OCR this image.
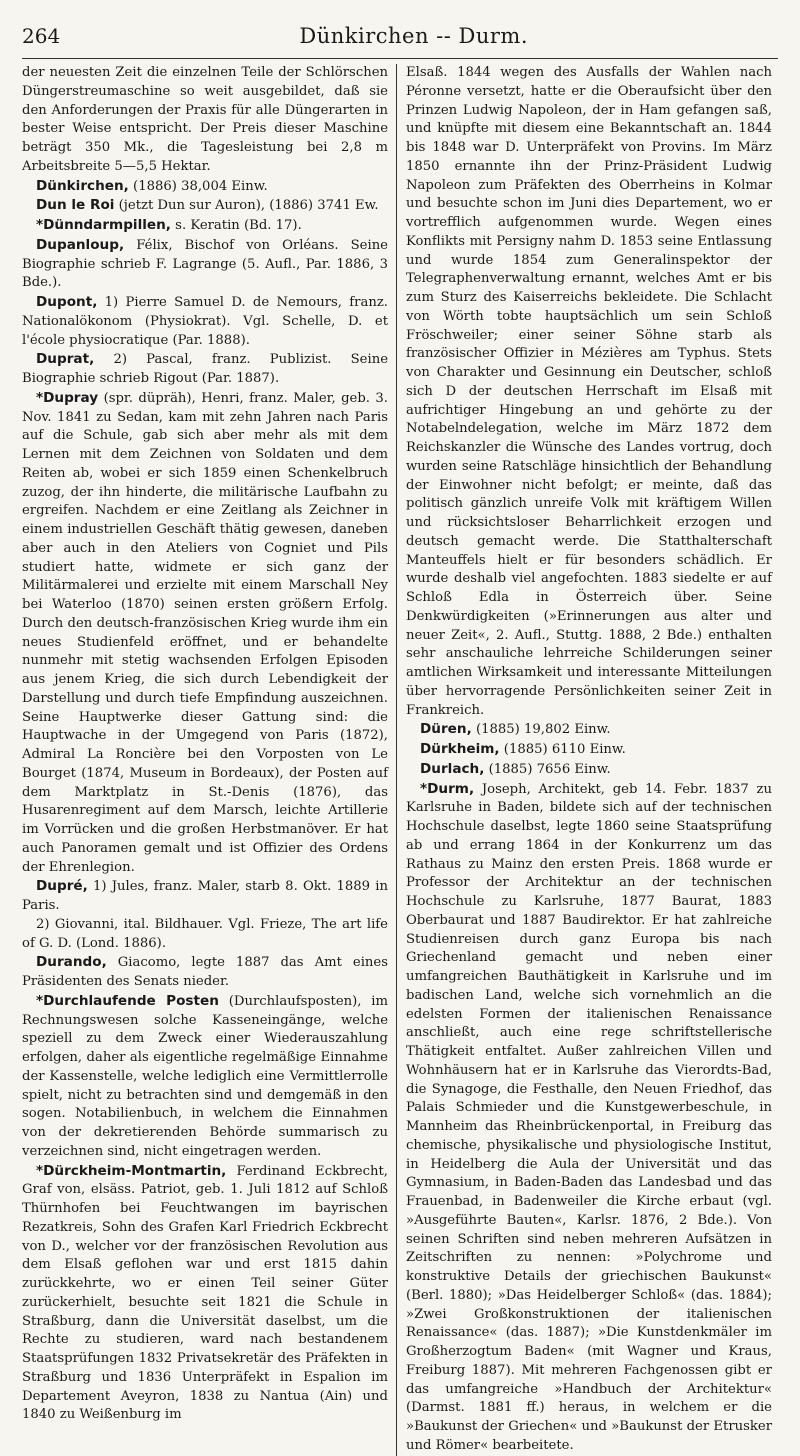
264	Dünkirchen -- Durm.

der neuesten Zeit die einzelnen Teile der Schlörschen Düngerstreumaschine so weit ausgebildet, daß sie den Anforderungen der Praxis für alle Düngerarten in bester Weise entspricht. Der Preis dieser Maschine beträgt 350 Mk., die Tagesleistung bei 2,8 m Arbeitsbreite 5—5,5 Hektar.

Dünkirchen, (1886) 38,004 Einw.

Dun le Roi (jetzt Dun sur Auron), (1886) 3741 Ew.

*Dünndarmpillen, s. Keratin (Bd. 17).

Dupanloup, Félix, Bischof von Orléans. Seine Biographie schrieb F. Lagrange (5. Aufl., Par. 1886, 3 Bde.).

Dupont, 1) Pierre Samuel D. de Nemours, franz. Nationalökonom (Physiokrat). Vgl. Schelle, D. et l'école physiocratique (Par. 1888).

Duprat, 2) Pascal, franz. Publizist. Seine Biographie schrieb Rigout (Par. 1887).

*Dupray (spr. düpräh), Henri, franz. Maler, geb. 3. Nov. 1841 zu Sedan, kam mit zehn Jahren nach Paris auf die Schule, gab sich aber mehr als mit dem Lernen mit dem Zeichnen von Soldaten und dem Reiten ab, wobei er sich 1859 einen Schenkelbruch zuzog, der ihn hinderte, die militärische Laufbahn zu ergreifen. Nachdem er eine Zeitlang als Zeichner in einem industriellen Geschäft thätig gewesen, daneben aber auch in den Ateliers von Cogniet und Pils studiert hatte, widmete er sich ganz der Militärmalerei und erzielte mit einem Marschall Ney bei Waterloo (1870) seinen ersten größern Erfolg. Durch den deutsch-französischen Krieg wurde ihm ein neues Studienfeld eröffnet, und er behandelte nunmehr mit stetig wachsenden Erfolgen Episoden aus jenem Krieg, die sich durch Lebendigkeit der Darstellung und durch tiefe Empfindung auszeichnen. Seine Hauptwerke dieser Gattung sind: die Hauptwache in der Umgegend von Paris (1872), Admiral La Roncière bei den Vorposten von Le Bourget (1874, Museum in Bordeaux), der Posten auf dem Marktplatz in St.-Denis (1876), das Husarenregiment auf dem Marsch, leichte Artillerie im Vorrücken und die großen Herbstmanöver. Er hat auch Panoramen gemalt und ist Offizier des Ordens der Ehrenlegion.

Dupré, 1) Jules, franz. Maler, starb 8. Okt. 1889 in Paris.

2) Giovanni, ital. Bildhauer. Vgl. Frieze, The art life of G. D. (Lond. 1886).

Durando, Giacomo, legte 1887 das Amt eines Präsidenten des Senats nieder.

*Durchlaufende Posten (Durchlaufsposten), im Rechnungswesen solche Kasseneingänge, welche speziell zu dem Zweck einer Wiederauszahlung erfolgen, daher als eigentliche regelmäßige Einnahme der Kassenstelle, welche lediglich eine Vermittlerrolle spielt, nicht zu betrachten sind und demgemäß in den sogen. Notabilienbuch, in welchem die Einnahmen von der dekretierenden Behörde summarisch zu verzeichnen sind, nicht eingetragen werden.

*Dürckheim-Montmartin, Ferdinand Eckbrecht, Graf von, elsäss. Patriot, geb. 1. Juli 1812 auf Schloß Thürnhofen bei Feuchtwangen im bayrischen Rezatkreis, Sohn des Grafen Karl Friedrich Eckbrecht von D., welcher vor der französischen Revolution aus dem Elsaß geflohen war und erst 1815 dahin zurückkehrte, wo er einen Teil seiner Güter zurückerhielt, besuchte seit 1821 die Schule in Straßburg, dann die Universität daselbst, um die Rechte zu studieren, ward nach bestandenem Staatsprüfungen 1832 Privatsekretär des Präfekten in Straßburg und 1836 Unterpräfekt in Espalion im Departement Aveyron, 1838 zu Nantua (Ain) und 1840 zu Weißenburg im

Elsaß. 1844 wegen des Ausfalls der Wahlen nach Péronne versetzt, hatte er die Oberaufsicht über den Prinzen Ludwig Napoleon, der in Ham gefangen saß, und knüpfte mit diesem eine Bekanntschaft an. 1844 bis 1848 war D. Unterpräfekt von Provins. Im März 1850 ernannte ihn der Prinz-Präsident Ludwig Napoleon zum Präfekten des Oberrheins in Kolmar und besuchte schon im Juni dies Departement, wo er vortrefflich aufgenommen wurde. Wegen eines Konflikts mit Persigny nahm D. 1853 seine Entlassung und wurde 1854 zum Generalinspektor der Telegraphenverwaltung ernannt, welches Amt er bis zum Sturz des Kaiserreichs bekleidete. Die Schlacht von Wörth tobte hauptsächlich um sein Schloß Fröschweiler; einer seiner Söhne starb als französischer Offizier in Mézières am Typhus. Stets von Charakter und Gesinnung ein Deutscher, schloß sich D der deutschen Herrschaft im Elsaß mit aufrichtiger Hingebung an und gehörte zu der Notabelndelegation, welche im März 1872 dem Reichskanzler die Wünsche des Landes vortrug, doch wurden seine Ratschläge hinsichtlich der Behandlung der Einwohner nicht befolgt; er meinte, daß das politisch gänzlich unreife Volk mit kräftigem Willen und rücksichtsloser Beharrlichkeit erzogen und deutsch gemacht werde. Die Statthalterschaft Manteuffels hielt er für besonders schädlich. Er wurde deshalb viel angefochten. 1883 siedelte er auf Schloß Edla in Österreich über. Seine Denkwürdigkeiten (»Erinnerungen aus alter und neuer Zeit«, 2. Aufl., Stuttg. 1888, 2 Bde.) enthalten sehr anschauliche lehrreiche Schilderungen seiner amtlichen Wirksamkeit und interessante Mitteilungen über hervorragende Persönlichkeiten seiner Zeit in Frankreich.

Düren, (1885) 19,802 Einw.

Dürkheim, (1885) 6110 Einw.

Durlach, (1885) 7656 Einw.

*Durm, Joseph, Architekt, geb 14. Febr. 1837 zu Karlsruhe in Baden, bildete sich auf der technischen Hochschule daselbst, legte 1860 seine Staatsprüfung ab und errang 1864 in der Konkurrenz um das Rathaus zu Mainz den ersten Preis. 1868 wurde er Professor der Architektur an der technischen Hochschule zu Karlsruhe, 1877 Baurat, 1883 Oberbaurat und 1887 Baudirektor. Er hat zahlreiche Studienreisen durch ganz Europa bis nach Griechenland gemacht und neben einer umfangreichen Bauthätigkeit in Karlsruhe und im badischen Land, welche sich vornehmlich an die edelsten Formen der italienischen Renaissance anschließt, auch eine rege schriftstellerische Thätigkeit entfaltet. Außer zahlreichen Villen und Wohnhäusern hat er in Karlsruhe das Vierordts-Bad, die Synagoge, die Festhalle, den Neuen Friedhof, das Palais Schmieder und die Kunstgewerbeschule, in Mannheim das Rheinbrückenportal, in Freiburg das chemische, physikalische und physiologische Institut, in Heidelberg die Aula der Universität und das Gymnasium, in Baden-Baden das Landesbad und das Frauenbad, in Badenweiler die Kirche erbaut (vgl. »Ausgeführte Bauten«, Karlsr. 1876, 2 Bde.). Von seinen Schriften sind neben mehreren Aufsätzen in Zeitschriften zu nennen: »Polychrome und konstruktive Details der griechischen Baukunst« (Berl. 1880); »Das Heidelberger Schloß« (das. 1884); »Zwei Großkonstruktionen der italienischen Renaissance« (das. 1887); »Die Kunstdenkmäler im Großherzogtum Baden« (mit Wagner und Kraus, Freiburg 1887). Mit mehreren Fachgenossen gibt er das umfangreiche »Handbuch der Architektur« (Darmst. 1881 ff.) heraus, in welchem er die »Baukunst der Griechen« und »Baukunst der Etrusker und Römer« bearbeitete.
